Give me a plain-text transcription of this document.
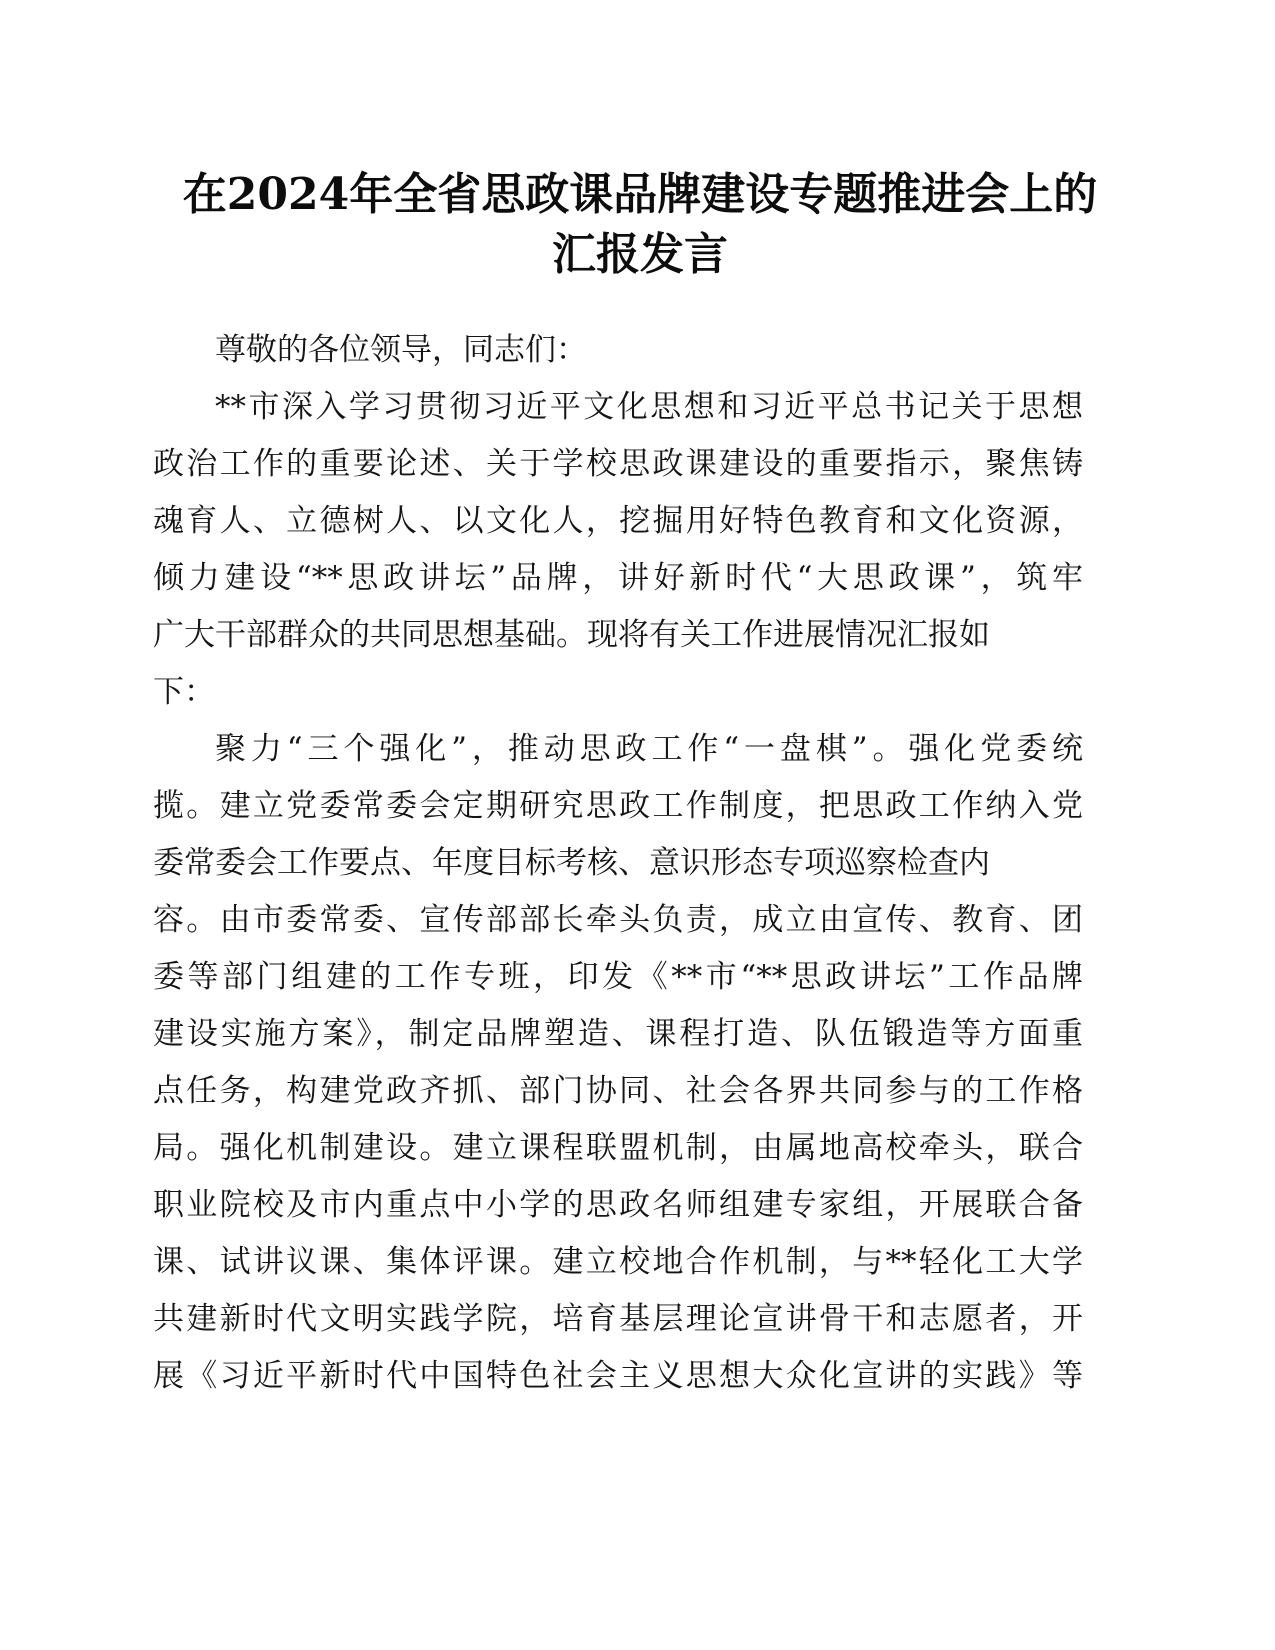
在2024年全省思政课品牌建设专题推进会上的
汇报发言
尊敬的各位领导，同志们：
**市深入学习贯彻习近平文化思想和习近平总书记关于思想
政治工作的重要论述、关于学校思政课建设的重要指示，聚焦铸
魂育人、立德树人、以文化人，挖掘用好特色教育和文化资源，
倾力建设“**思政讲坛”品牌，讲好新时代“大思政课”，筑牢
广大干部群众的共同思想基础。现将有关工作进展情况汇报如
下：
聚力“三个强化”，推动思政工作“一盘棋”。强化党委统
揽。建立党委常委会定期研究思政工作制度，把思政工作纳入党
委常委会工作要点、年度目标考核、意识形态专项巡察检查内
容。由市委常委、宣传部部长牵头负责，成立由宣传、教育、团
委等部门组建的工作专班，印发《**市“**思政讲坛”工作品牌
建设实施方案》，制定品牌塑造、课程打造、队伍锻造等方面重
点任务，构建党政齐抓、部门协同、社会各界共同参与的工作格
局。强化机制建设。建立课程联盟机制，由属地高校牵头，联合
职业院校及市内重点中小学的思政名师组建专家组，开展联合备
课、试讲议课、集体评课。建立校地合作机制，与**轻化工大学
共建新时代文明实践学院，培育基层理论宣讲骨干和志愿者，开
展《习近平新时代中国特色社会主义思想大众化宣讲的实践》等
